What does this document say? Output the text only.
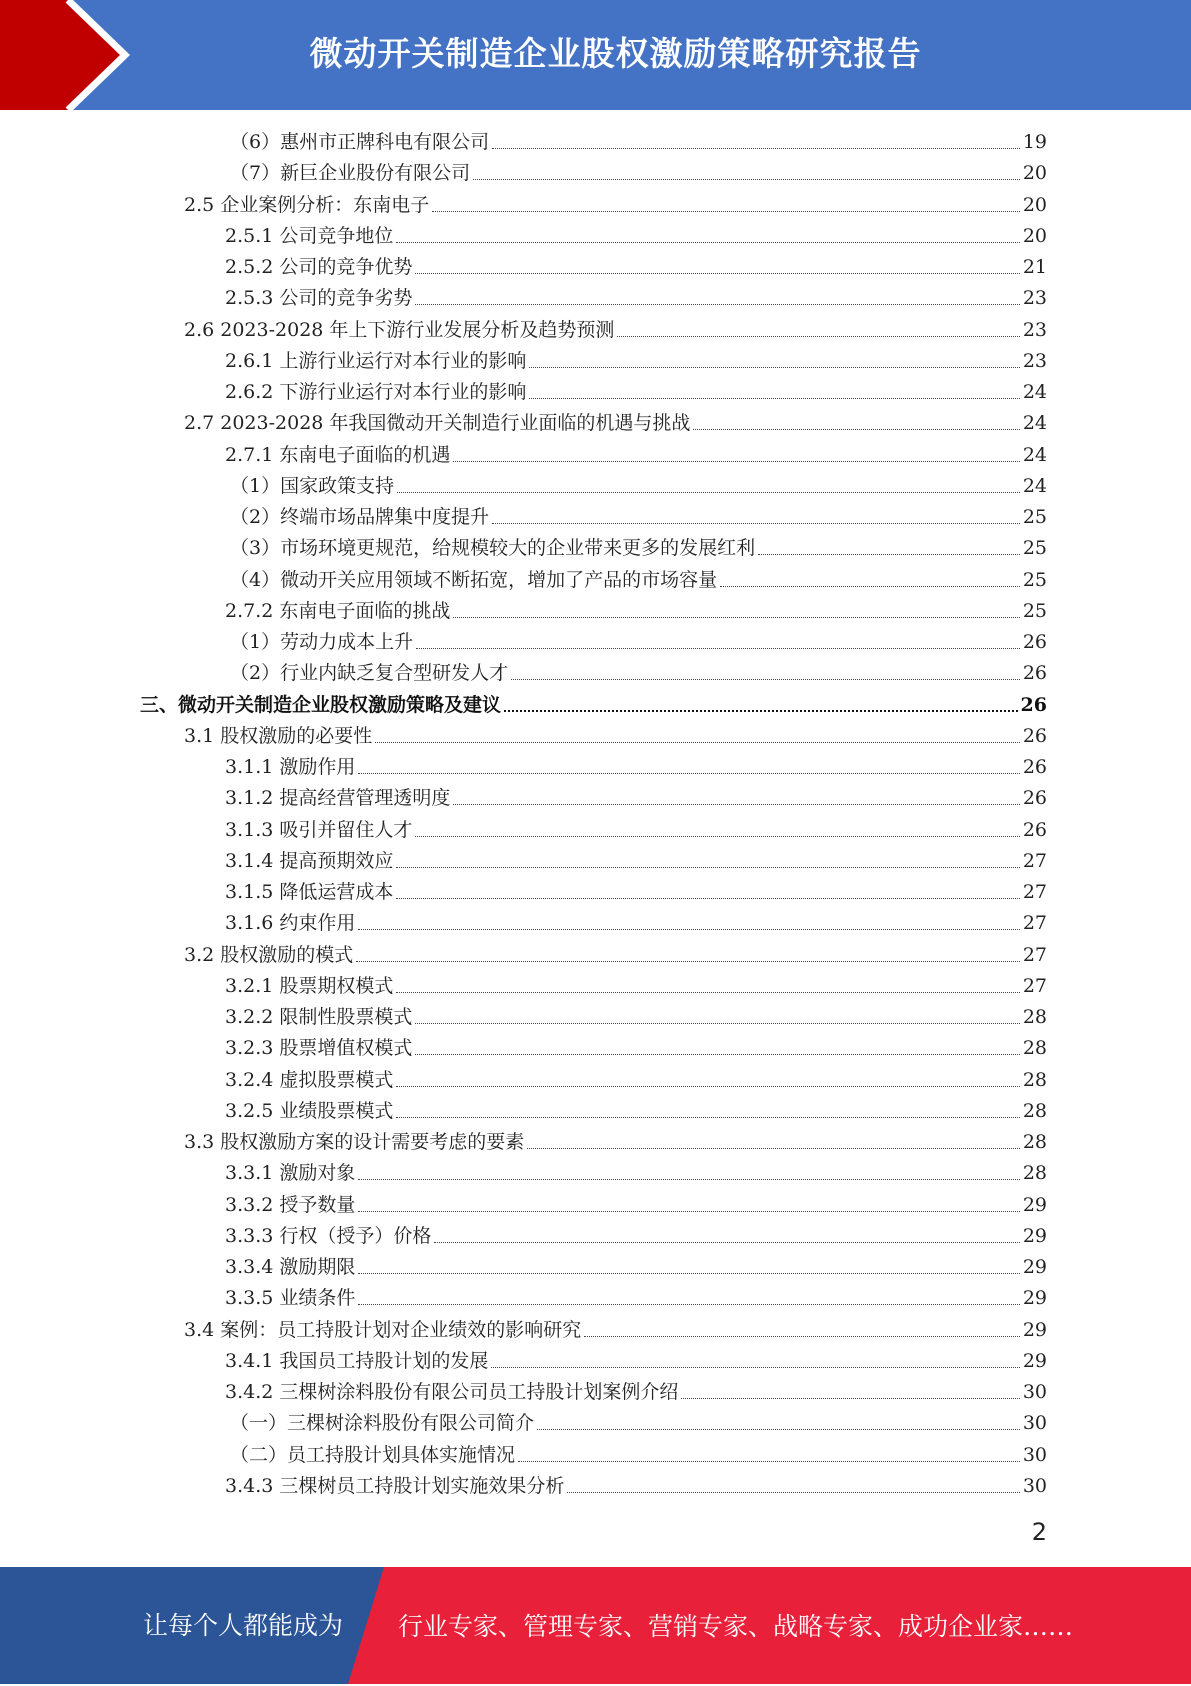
微动开关制造企业股权激励策略研究报告
（6）惠州市正牌科电有限公司	19
（7）新巨企业股份有限公司	20
2.5 企业案例分析：东南电子	20
2.5.1 公司竞争地位	20
2.5.2 公司的竞争优势	21
2.5.3 公司的竞争劣势	23
2.6 2023-2028 年上下游行业发展分析及趋势预测	23
2.6.1 上游行业运行对本行业的影响	23
2.6.2 下游行业运行对本行业的影响	24
2.7 2023-2028 年我国微动开关制造行业面临的机遇与挑战	24
2.7.1 东南电子面临的机遇	24
（1）国家政策支持	24
（2）终端市场品牌集中度提升	25
（3）市场环境更规范，给规模较大的企业带来更多的发展红利	25
（4）微动开关应用领域不断拓宽，增加了产品的市场容量	25
2.7.2 东南电子面临的挑战	25
（1）劳动力成本上升	26
（2）行业内缺乏复合型研发人才	26
三、微动开关制造企业股权激励策略及建议	26
3.1 股权激励的必要性	26
3.1.1 激励作用	26
3.1.2 提高经营管理透明度	26
3.1.3 吸引并留住人才	26
3.1.4 提高预期效应	27
3.1.5 降低运营成本	27
3.1.6 约束作用	27
3.2 股权激励的模式	27
3.2.1 股票期权模式	27
3.2.2 限制性股票模式	28
3.2.3 股票增值权模式	28
3.2.4 虚拟股票模式	28
3.2.5 业绩股票模式	28
3.3 股权激励方案的设计需要考虑的要素	28
3.3.1 激励对象	28
3.3.2 授予数量	29
3.3.3 行权（授予）价格	29
3.3.4 激励期限	29
3.3.5 业绩条件	29
3.4 案例：员工持股计划对企业绩效的影响研究	29
3.4.1 我国员工持股计划的发展	29
3.4.2 三棵树涂料股份有限公司员工持股计划案例介绍	30
（一）三棵树涂料股份有限公司简介	30
（二）员工持股计划具体实施情况	30
3.4.3 三棵树员工持股计划实施效果分析	30
2
让每个人都能成为 行业专家、管理专家、营销专家、战略专家、成功企业家……
